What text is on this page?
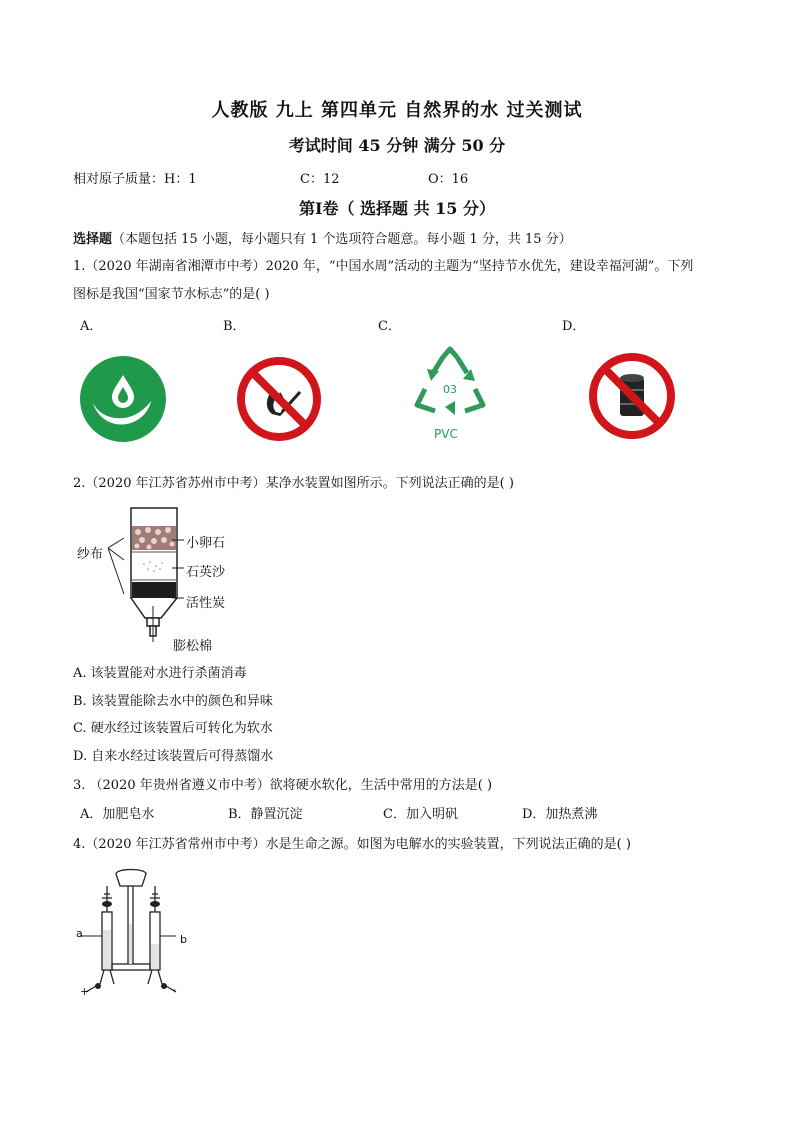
人教版 九上 第四单元 自然界的水 过关测试
考试时间 45 分钟 满分 50 分
相对原子质量：H：1	C：12	O：16
第Ⅰ卷（ 选择题 共 15 分）
选择题（本题包括 15 小题，每小题只有 1 个选项符合题意。每小题 1 分，共 15 分）
1.（2020 年湖南省湘潭市中考）2020 年，“中国水周”活动的主题为“坚持节水优先，建设幸福河湖”。下列
图标是我国“国家节水标志”的是( )
A．	B．	C．	D．
03
PVC
2.（2020 年江苏省苏州市中考）某净水装置如图所示。下列说法正确的是( )
纱布
小卵石
石英沙
活性炭
膨松棉
A. 该装置能对水进行杀菌消毒
B. 该装置能除去水中的颜色和异味
C. 硬水经过该装置后可转化为软水
D. 自来水经过该装置后可得蒸馏水
3. （2020 年贵州省遵义市中考）欲将硬水软化，生活中常用的方法是( )
A．加肥皂水	B．静置沉淀	C．加入明矾	D．加热煮沸
4.（2020 年江苏省常州市中考）水是生命之源。如图为电解水的实验装置，下列说法正确的是( )
a	b
+	-
